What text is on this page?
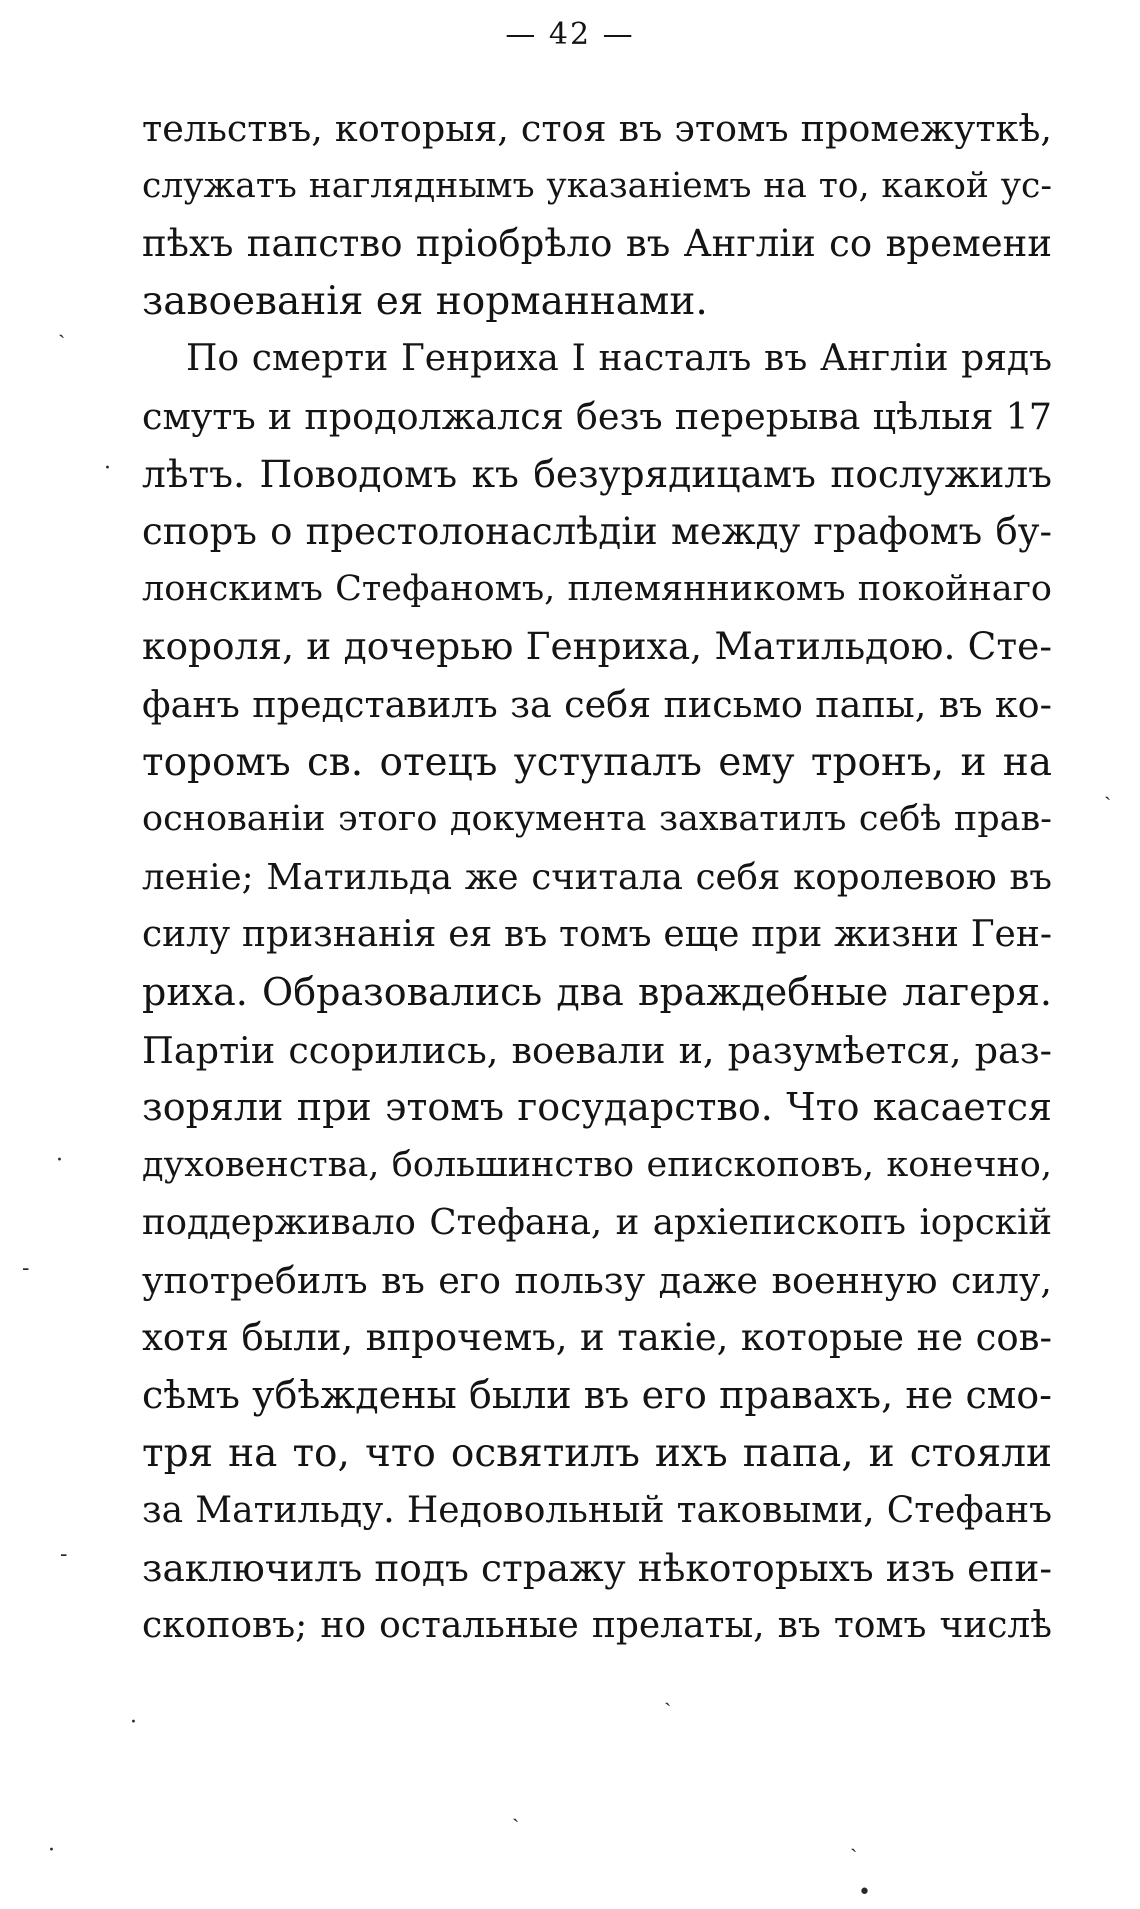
— 42 —
тельствъ, которыя, стоя въ этомъ промежуткѣ,
служатъ нагляднымъ указаніемъ на то, какой ус-
пѣхъ папство пріобрѣло въ Англіи со времени
завоеванія ея норманнами.
По смерти Генриха I насталъ въ Англіи рядъ
смутъ и продолжался безъ перерыва цѣлыя 17
лѣтъ. Поводомъ къ безурядицамъ послужилъ
споръ о престолонаслѣдіи между графомъ бу-
лонскимъ Стефаномъ, племянникомъ покойнаго
короля, и дочерью Генриха, Матильдою. Сте-
фанъ представилъ за себя письмо папы, въ ко-
торомъ св. отецъ уступалъ ему тронъ, и на
основаніи этого документа захватилъ себѣ прав-
леніе; Матильда же считала себя королевою въ
силу признанія ея въ томъ еще при жизни Ген-
риха. Образовались два враждебные лагеря.
Партіи ссорились, воевали и, разумѣется, раз-
зоряли при этомъ государство. Что касается
духовенства, большинство епископовъ, конечно,
поддерживало Стефана, и архіепископъ іорскій
употребилъ въ его пользу даже военную силу,
хотя были, впрочемъ, и такіе, которые не сов-
сѣмъ убѣждены были въ его правахъ, не смо-
тря на то, что освятилъ ихъ папа, и стояли
за Матильду. Недовольный таковыми, Стефанъ
заключилъ подъ стражу нѣкоторыхъ изъ епи-
скоповъ; но остальные прелаты, въ томъ числѣ
ˎ
·
ˎ
·
-
-
ˎ
·
ˎ
ˏ
·
•
